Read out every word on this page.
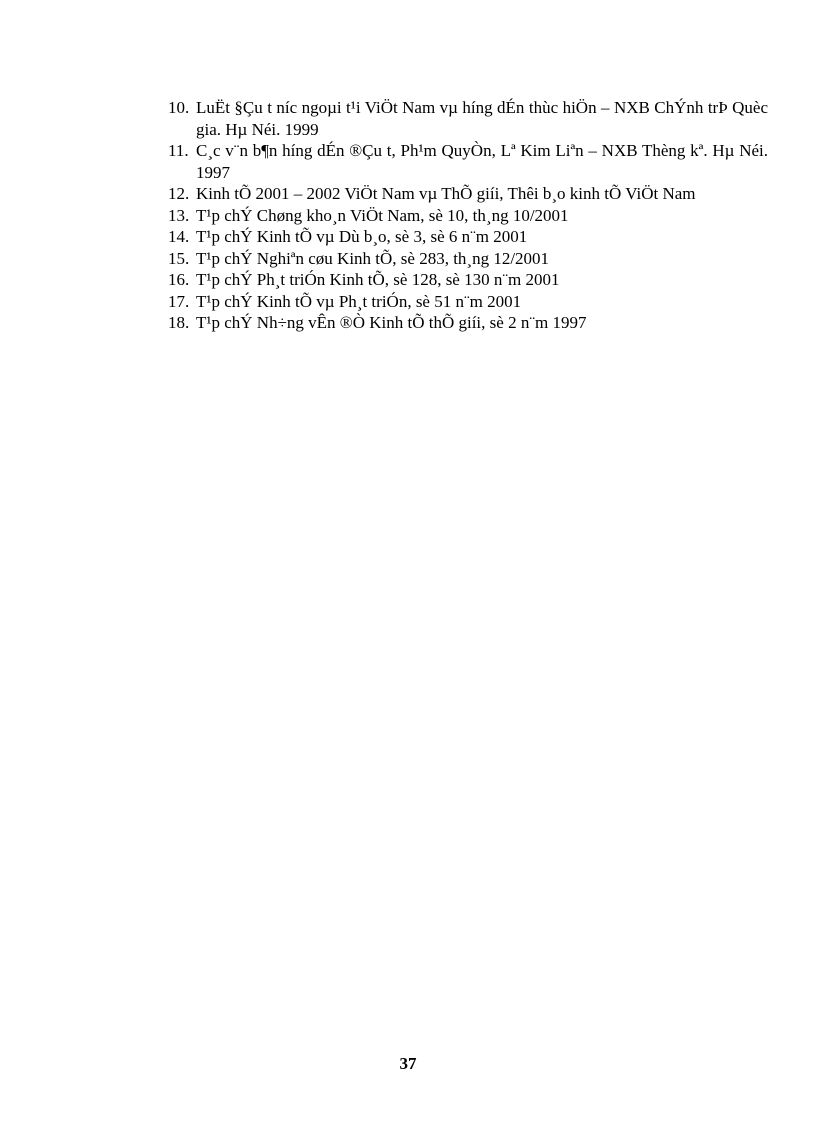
10. LuËt §Çu t níc ngoµi t¹i ViÖt Nam vµ híng dÉn thùc hiÖn – NXB ChÝnh trÞ Quèc gia. Hµ Néi. 1999
11. C¸c v¨n b¶n híng dÉn ®Çu t, Ph¹m QuyÒn, Lª Kim Liªn – NXB Thèng kª. Hµ Néi. 1997
12. Kinh tÕ 2001 – 2002 ViÖt Nam vµ ThÕ giíi, Thêi b¸o kinh tÕ ViÖt Nam
13. T¹p chÝ Chøng kho¸n ViÖt Nam, sè 10, th¸ng 10/2001
14. T¹p chÝ Kinh tÕ vµ Dù b¸o, sè 3, sè 6 n¨m 2001
15. T¹p chÝ Nghiªn cøu Kinh tÕ, sè 283, th¸ng 12/2001
16. T¹p chÝ Ph¸t triÓn Kinh tÕ, sè 128, sè 130 n¨m 2001
17. T¹p chÝ Kinh tÕ vµ Ph¸t triÓn, sè 51 n¨m 2001
18. T¹p chÝ Nh÷ng vÊn ®Ò Kinh tÕ thÕ giíi, sè 2 n¨m 1997
37
